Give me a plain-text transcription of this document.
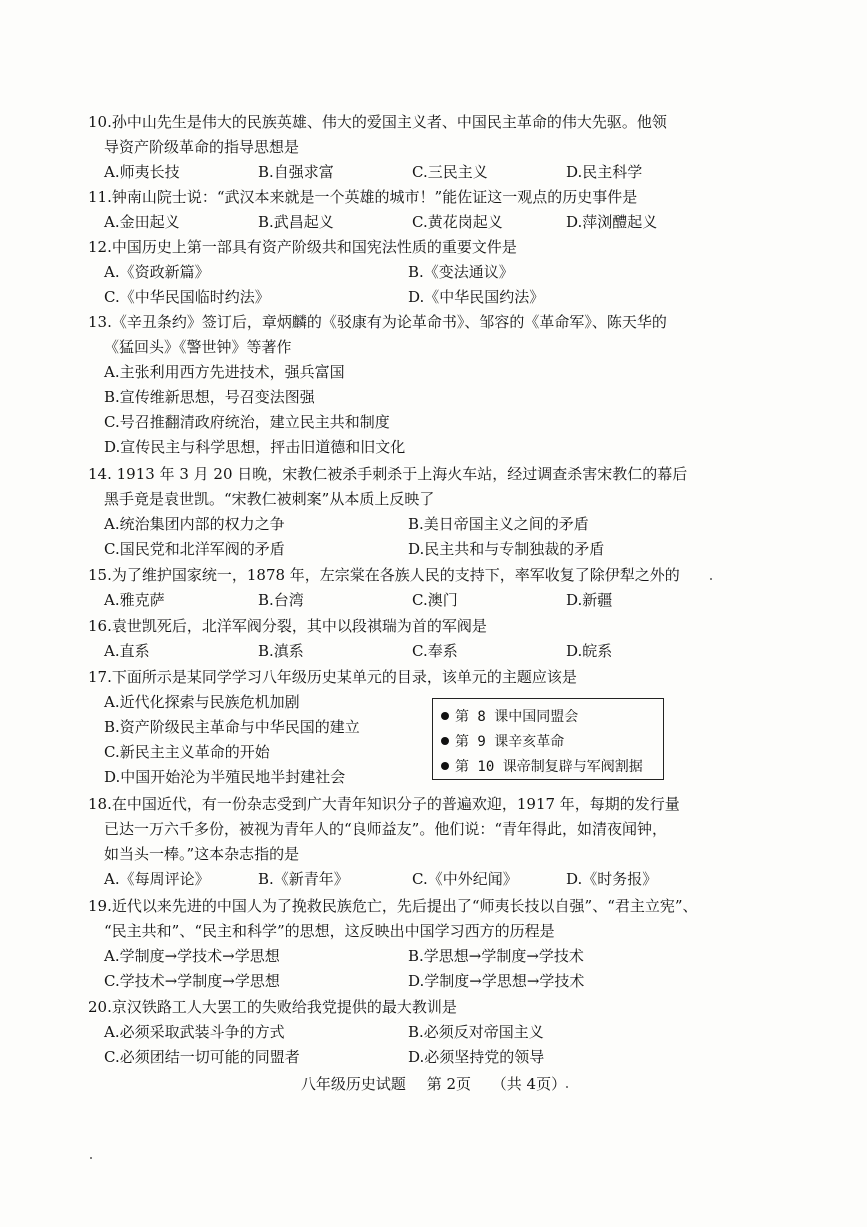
10.孙中山先生是伟大的民族英雄、伟大的爱国主义者、中国民主革命的伟大先驱。他领
导资产阶级革命的指导思想是
A.师夷长技	B.自强求富	C.三民主义	D.民主科学
11.钟南山院士说：“武汉本来就是一个英雄的城市！”能佐证这一观点的历史事件是
A.金田起义	B.武昌起义	C.黄花岗起义	D.萍浏醴起义
12.中国历史上第一部具有资产阶级共和国宪法性质的重要文件是
A.《资政新篇》	B.《变法通议》
C.《中华民国临时约法》	D.《中华民国约法》
13.《辛丑条约》签订后，章炳麟的《驳康有为论革命书》、邹容的《革命军》、陈天华的
《猛回头》《警世钟》等著作
A.主张利用西方先进技术，强兵富国
B.宣传维新思想，号召变法图强
C.号召推翻清政府统治，建立民主共和制度
D.宣传民主与科学思想，抨击旧道德和旧文化
14. 1913 年 3 月 20 日晚，宋教仁被杀手刺杀于上海火车站，经过调查杀害宋教仁的幕后
黑手竟是袁世凯。“宋教仁被刺案”从本质上反映了
A.统治集团内部的权力之争	B.美日帝国主义之间的矛盾
C.国民党和北洋军阀的矛盾	D.民主共和与专制独裁的矛盾
15.为了维护国家统一，1878 年，左宗棠在各族人民的支持下，率军收复了除伊犁之外的
A.雅克萨	B.台湾	C.澳门	D.新疆
16.袁世凯死后，北洋军阀分裂，其中以段祺瑞为首的军阀是
A.直系	B.滇系	C.奉系	D.皖系
17.下面所示是某同学学习八年级历史某单元的目录，该单元的主题应该是
A.近代化探索与民族危机加剧
B.资产阶级民主革命与中华民国的建立
C.新民主主义革命的开始
D.中国开始沦为半殖民地半封建社会
第 8 课中国同盟会
第 9 课辛亥革命
第 10 课帝制复辟与军阀割据
18.在中国近代，有一份杂志受到广大青年知识分子的普遍欢迎，1917 年，每期的发行量
已达一万六千多份，被视为青年人的“良师益友”。他们说：“青年得此，如清夜闻钟，
如当头一棒。”这本杂志指的是
A.《每周评论》	B.《新青年》	C.《中外纪闻》	D.《时务报》
19.近代以来先进的中国人为了挽救民族危亡，先后提出了“师夷长技以自强”、“君主立宪”、
“民主共和”、“民主和科学”的思想，这反映出中国学习西方的历程是
A.学制度→学技术→学思想	B.学思想→学制度→学技术
C.学技术→学制度→学思想	D.学制度→学思想→学技术
20.京汉铁路工人大罢工的失败给我党提供的最大教训是
A.必须采取武装斗争的方式	B.必须反对帝国主义
C.必须团结一切可能的同盟者	D.必须坚持党的领导
八年级历史试题 第 2页 （共 4页）
